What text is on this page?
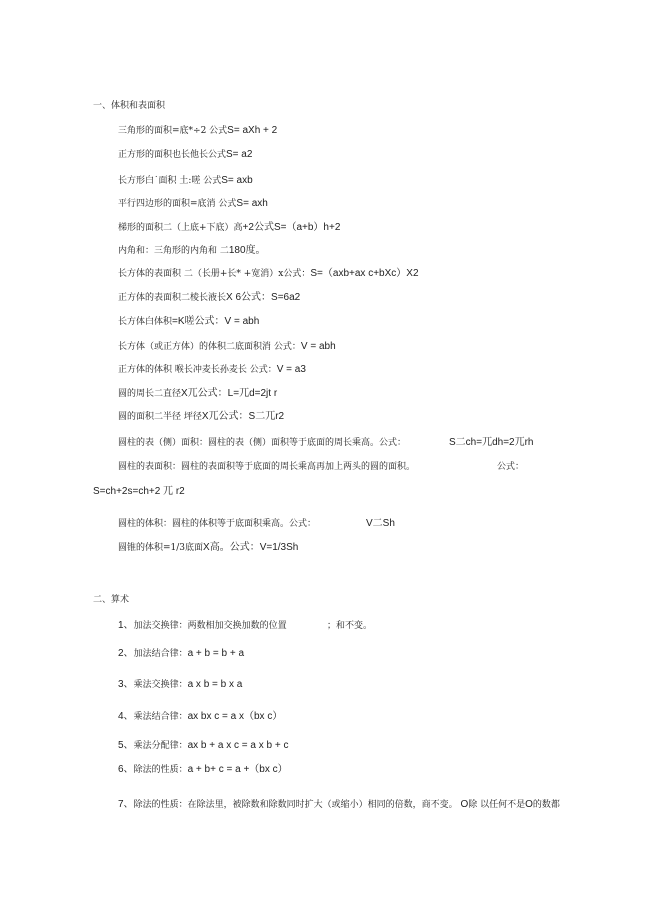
一、体积和表面积
三角形的面积=底*÷2 公式S= aXh + 2
正方形的面积也长他长公式S= a2
长方形白˙面积 土:嗟 公式S= axb
平行四边形的面积=底消 公式S= axh
梯形的面积二（上底+下底）高+2公式S=（a+b）h+2
内角和：三角形的内角和 二180度。
长方体的表面积 二（长册+长* +宽消）x公式：S=（axb+ax c+bXc）X2
正方体的表面积二棱长液长X 6公式：S=6a2
长方体白体积=K嗟公式：V = abh
长方体（或正方体）的体积二底面积消 公式：V = abh
正方体的体积 喉长冲麦长孙麦长 公式：V = a3
圆的周长二直径X兀公式：L=兀d=2jt r
圆的面积二半径 坪径X兀公式：S二兀r2
圆柱的表（侧）面积：圆柱的表（侧）面积等于底面的周长乘高。公式：	S二ch=兀dh=2兀rh
圆柱的表面积：圆柱的表面积等于底面的周长乘高再加上两头的圆的面积。	公式：
S=ch+2s=ch+2 兀 r2
圆柱的体积：圆柱的体积等于底面积乘高。公式：	V二Sh
圆锥的体积=1/3底面X高。公式：V=1/3Sh
二、算术
1、加法交换律：两数相加交换加数的位置	；和不变。
2、加法结合律：a + b = b + a
3、乘法交换律：a x b = b x a
4、乘法结合律：ax bx c = a x（bx c）
5、乘法分配律：ax b + a x c = a x b + c
6、除法的性质：a + b+ c = a +（bx c）
7、除法的性质：在除法里，被除数和除数同时扩大（或缩小）相同的倍数，商不变。 O除 以任何不是O的数都
